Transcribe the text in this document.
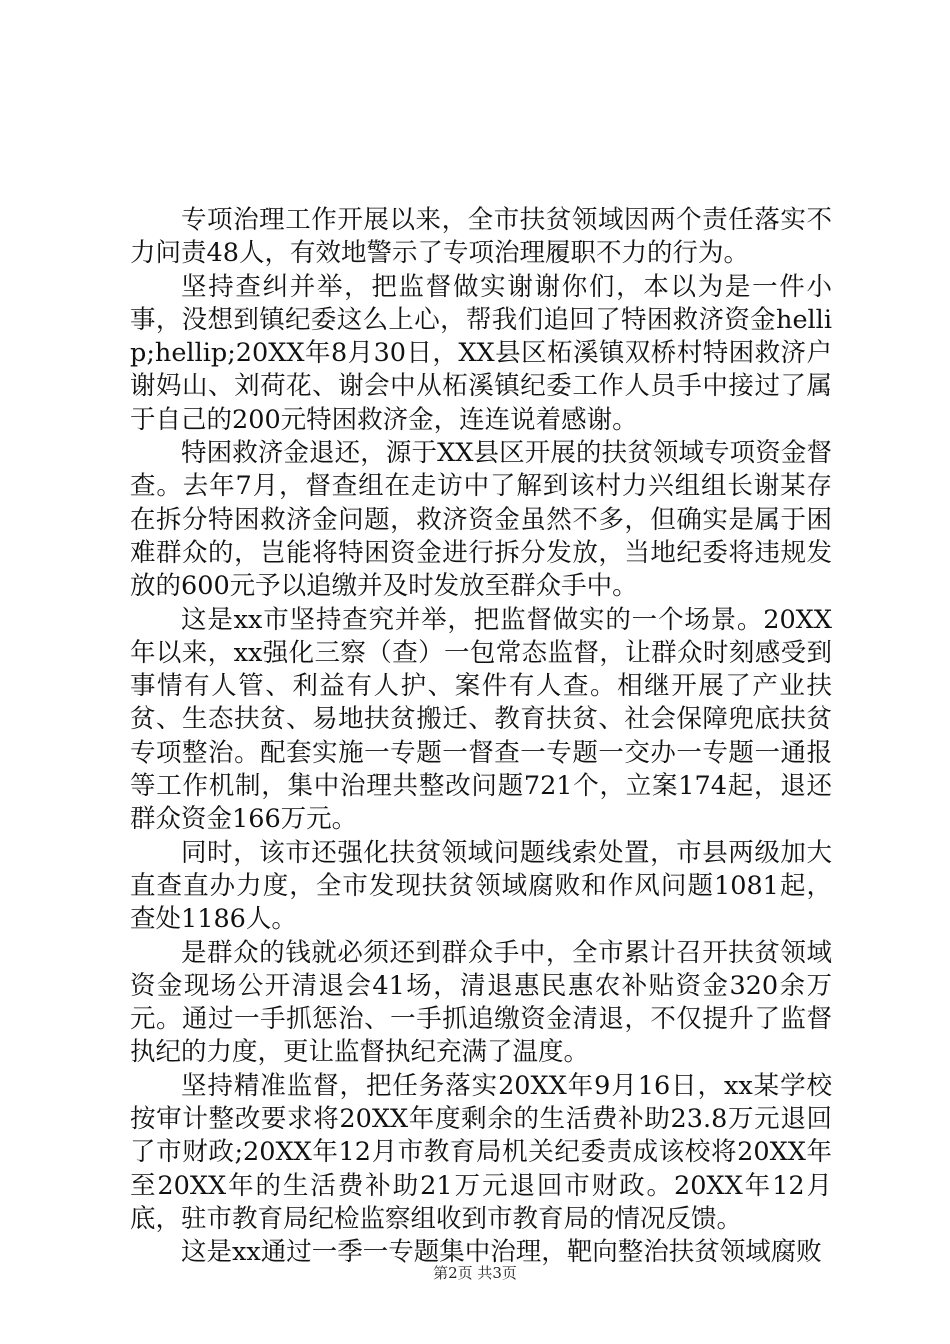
专项治理工作开展以来，全市扶贫领域因两个责任落实不力问责48人，有效地警示了专项治理履职不力的行为。

坚持查纠并举，把监督做实谢谢你们，本以为是一件小事，没想到镇纪委这么上心，帮我们追回了特困救济资金hellip;hellip;20XX年8月30日，XX县区柘溪镇双桥村特困救济户谢妈山、刘荷花、谢会中从柘溪镇纪委工作人员手中接过了属于自己的200元特困救济金，连连说着感谢。

特困救济金退还，源于XX县区开展的扶贫领域专项资金督查。去年7月，督查组在走访中了解到该村力兴组组长谢某存在拆分特困救济金问题，救济资金虽然不多，但确实是属于困难群众的，岂能将特困资金进行拆分发放，当地纪委将违规发放的600元予以追缴并及时发放至群众手中。

这是xx市坚持查究并举，把监督做实的一个场景。20XX年以来，xx强化三察（查）一包常态监督，让群众时刻感受到事情有人管、利益有人护、案件有人查。相继开展了产业扶贫、生态扶贫、易地扶贫搬迁、教育扶贫、社会保障兜底扶贫专项整治。配套实施一专题一督查一专题一交办一专题一通报等工作机制，集中治理共整改问题721个，立案174起，退还群众资金166万元。

同时，该市还强化扶贫领域问题线索处置，市县两级加大直查直办力度，全市发现扶贫领域腐败和作风问题1081起，查处1186人。

是群众的钱就必须还到群众手中，全市累计召开扶贫领域资金现场公开清退会41场，清退惠民惠农补贴资金320余万元。通过一手抓惩治、一手抓追缴资金清退，不仅提升了监督执纪的力度，更让监督执纪充满了温度。

坚持精准监督，把任务落实20XX年9月16日，xx某学校按审计整改要求将20XX年度剩余的生活费补助23.8万元退回了市财政;20XX年12月市教育局机关纪委责成该校将20XX年至20XX年的生活费补助21万元退回市财政。20XX年12月底，驻市教育局纪检监察组收到市教育局的情况反馈。

这是xx通过一季一专题集中治理，靶向整治扶贫领域腐败

第2页 共3页
